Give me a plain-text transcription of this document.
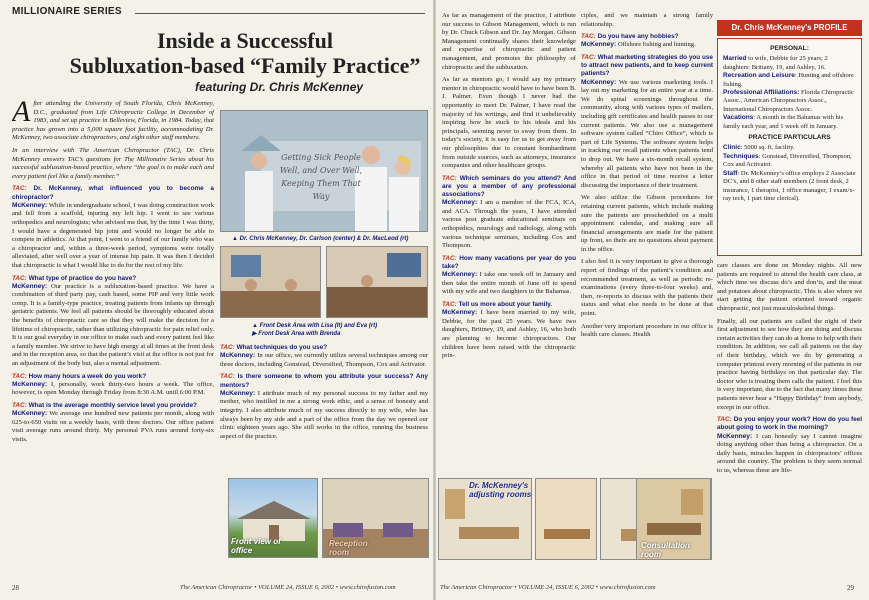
MILLIONAIRE SERIES
Inside a Successful
Subluxation-based “Family Practice”
featuring Dr. Chris McKenney

After attending the University of South Florida, Chris McKenney, D.C., graduated from Life Chiropractic College in December of 1983, and set up practice in Belleview, Florida, in 1984. Today, that practice has grown into a 5,000 square foot facility, accommodating Dr. McKenney, two associate chiropractors, and eight other staff members.

In an interview with The American Chiropractor (TAC), Dr. Chris McKenney answers TAC’s questions for The Millionaire Series about his successful subluxation-based practice, where “the goal is to make each and every patient feel like a family member.”

TAC: Dr. McKenney, what influenced you to become a chiropractor?

McKenney: While in undergraduate school, I was doing construction work and fell from a scaffold, injuring my left hip. I went to see various orthopedics and neurologists; who advised me that, by the time I was thirty, I would have a degenerated hip joint and would no longer be able to compete in athletics. At that point, I went to a friend of our family who was a chiropractor and, within a three-week period, symptoms were totally alleviated, after well over a year of intense hip pain. It was then I decided that chiropractic is what I would like to do for the rest of my life.

TAC: What type of practice do you have?

McKenney: Our practice is a subluxation-based practice. We have a combination of third party pay, cash based, some PIP and very little work comp. It is a family-type practice, treating patients from infants up through geriatric patients. We feel all patients should be thoroughly educated about the benefits of chiropractic care so that they will make the decision for a lifetime of chiropractic, rather than utilizing chiropractic for pain relief only. It is our goal everyday in our office to make each and every patient feel like a family member. We strive to have high energy at all times at the front desk and in the reception area, so that the patient’s visit at the office is not just for an adjustment of the body but, also a mental adjustment.

TAC: How many hours a week do you work?

McKenney: I, personally, work thirty-two hours a week. The office, however, is open Monday through Friday from 8:30 A.M. until 6:00 P.M.

TAC: What is the average monthly service level you provide?

McKenney: We average one hundred new patients per month, along with 625-to-650 visits on a weekly basis, with three doctors. Our office patient visit average runs around thirty. My personal PVA runs around forty-six visits.

Getting Sick People Well, and Over Well, Keeping Them That Way
▲ Dr. Chris McKenney, Dr. Carlson (center) & Dr. MacLeod (rt)
▲ Front Desk Area with Lisa (lt) and Eva (rt)
▶ Front Desk Area with Brenda
TAC: What techniques do you use?

McKenney: In our office, we currently utilize several techniques among our three doctors, including Gonstead, Diversified, Thompson, Cox and Activator.

TAC: Is there someone to whom you attribute your success? Any mentors?

McKenney: I attribute much of my personal success to my father and my mother, who instilled in me a strong work ethic, and a sense of honesty and integrity. I also attribute much of my success directly to my wife, who has always been by my side and a part of the office from the day we opened our clinic eighteen years ago. She still works in the office, running the business aspect of the practice.

Front view of office
Reception room
28	The American Chiropractor • VOLUME 24, ISSUE 6, 2002 • www.chirofusion.com

As far as management of the practice, I attribute our success to Gibson Management, which is run by Dr. Chuck Gibson and Dr. Jay Morgan. Gibson Management continually shares their knowledge and expertise of chiropractic and patient management, and promotes the philosophy of chiropractic and the subluxation.

As far as mentors go, I would say my primary mentor in chiropractic would have to have been B. J. Palmer. Even though I never had the opportunity to meet Dr. Palmer, I have read the majority of his writings, and find it unbelievably inspiring how he stuck to his ideals and his principals, seeming never to sway from them. In today’s society, it is easy for us to get away from our philosophies due to constant bombardment from outside sources, such as attorneys, insurance companies and other healthcare groups.

TAC: Which seminars do you attend? And are you a member of any professional associations?

McKenney: I am a member of the FCA, ICA, and ACA. Through the years, I have attended various post graduate educational seminars on orthopedics, neurology and radiology, along with various technique seminars, including Cox and Thompson.

TAC: How many vacations per year do you take?

McKenney: I take one week off in January and then take the entire month of June off to spend with my wife and two daughters in the Bahamas.

TAC: Tell us more about your family.

McKenney: I have been married to my wife, Debbie, for the past 25 years. We have two daughters, Brittney, 19, and Ashley, 16, who both are planning to become chiropractors. Our children have been raised with the chiropractic prin-

ciples, and we maintain a strong family relationship.

TAC: Do you have any hobbies?

McKenney: Offshore fishing and hunting.

TAC: What marketing strategies do you use to attract new patients, and to keep current patients?

McKenney: We use various marketing tools. I lay out my marketing for an entire year at a time. We do spinal screenings throughout the community, along with various types of mailers, including gift certificates and health passes to our current patients. We also use a management software system called “Chiro Office”, which is part of Life Systems. The software system helps in tracking our recall patients when patients tend to drop out. We have a six-month recall system, whereby all patients who have not been in the office in that period of time receive a letter discussing the importance of their treatment.

We also utilize the Gibson procedures for retaining current patients, which include making sure the patients are prescheduled on a multi appointment calendar, and making sure all financial arrangements are made for the patient up front, so there are no questions about payment in the office.

I also feel it is very important to give a thorough report of findings of the patient’s condition and recommended treatment, as well as periodic re-examinations (every three-to-four weeks) and, then, re-reports to discuss with the patients their status and what else needs to be done at that point.

Another very important procedure in our office is health care classes. Health

Dr. Chris McKenney's PROFILE
PERSONAL:
Married to wife, Debbie for 25 years; 2 daughters: Brittany, 19, and Ashley, 16.
Recreation and Leisure: Hunting and offshore fishing.
Professional Affiliations: Florida Chiropractic Assoc., American Chiropractors Assoc., International Chiropractors Assoc.
Vacations: A month in the Bahamas with his family each year, and 1 week off in January.
PRACTICE PARTICULARS
Clinic: 5000 sq. ft. facility.
Techniques: Gonstead, Diversified, Thompson, Cox and Activator.
Staff: Dr. McKenney’s office employs 2 Associate DC’s, and 8 other staff members (2 front desk, 2 insurance, 1 therapist, 1 office manager, 1 exam/x-ray tech, 1 part time clerical).

care classes are done on Monday nights. All new patients are required to attend the health care class, at which time we discuss do’s and don’ts, and the meat and potatoes about chiropractic. This is also where we start getting the patient oriented toward organic chiropractic, not just musculoskeletal things.

Finally, all our patients are called the night of their first adjustment to see how they are doing and discuss certain activities they can do at home to help with their condition. In addition, we call all patients on the day of their birthday, which we do by generating a computer printout every morning of the patients in our practice having birthdays on that particular day. The doctor who is treating them calls the patient. I feel this is very important, due to the fact that many times these patients never hear a “Happy Birthday” from anybody, except in our office.

TAC: Do you enjoy your work? How do you feel about going to work in the morning?

McKenney: I can honestly say I cannot imagine doing anything other than being a chiropractor. On a daily basis, miracles happen in chiropractors’ offices around the country. The problem is they seem normal to us, whereas these are life-

Dr. McKenney's adjusting rooms
Consultation room
The American Chiropractor • VOLUME 24, ISSUE 6, 2002 • www.chirofusion.com	29
